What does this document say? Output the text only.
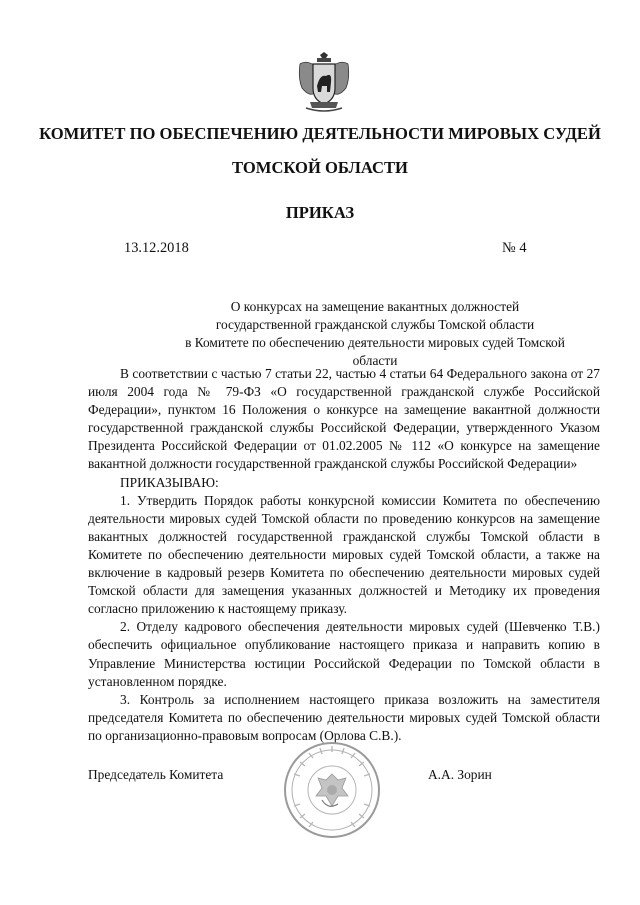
КОМИТЕТ ПО ОБЕСПЕЧЕНИЮ ДЕЯТЕЛЬНОСТИ МИРОВЫХ СУДЕЙ
ТОМСКОЙ ОБЛАСТИ
ПРИКАЗ
13.12.2018	№ 4
О конкурсах на замещение вакантных должностей
государственной гражданской службы Томской области
в Комитете по обеспечению деятельности мировых судей Томской области

В соответствии с частью 7 статьи 22, частью 4 статьи 64 Федерального закона от 27 июля 2004 года № 79-ФЗ «О государственной гражданской службе Российской Федерации», пунктом 16 Положения о конкурсе на замещение вакантной должности государственной гражданской службы Российской Федерации, утвержденного Указом Президента Российской Федерации от 01.02.2005 № 112 «О конкурсе на замещение вакантной должности государственной гражданской службы Российской Федерации»

ПРИКАЗЫВАЮ:

1. Утвердить Порядок работы конкурсной комиссии Комитета по обеспечению деятельности мировых судей Томской области по проведению конкурсов на замещение вакантных должностей государственной гражданской службы Томской области в Комитете по обеспечению деятельности мировых судей Томской области, а также на включение в кадровый резерв Комитета по обеспечению деятельности мировых судей Томской области для замещения указанных должностей и Методику их проведения согласно приложению к настоящему приказу.

2. Отделу кадрового обеспечения деятельности мировых судей (Шевченко Т.В.) обеспечить официальное опубликование настоящего приказа и направить копию в Управление Министерства юстиции Российской Федерации по Томской области в установленном порядке.

3. Контроль за исполнением настоящего приказа возложить на заместителя председателя Комитета по обеспечению деятельности мировых судей Томской области по организационно-правовым вопросам (Орлова С.В.).

Председатель Комитета	А.А. Зорин
